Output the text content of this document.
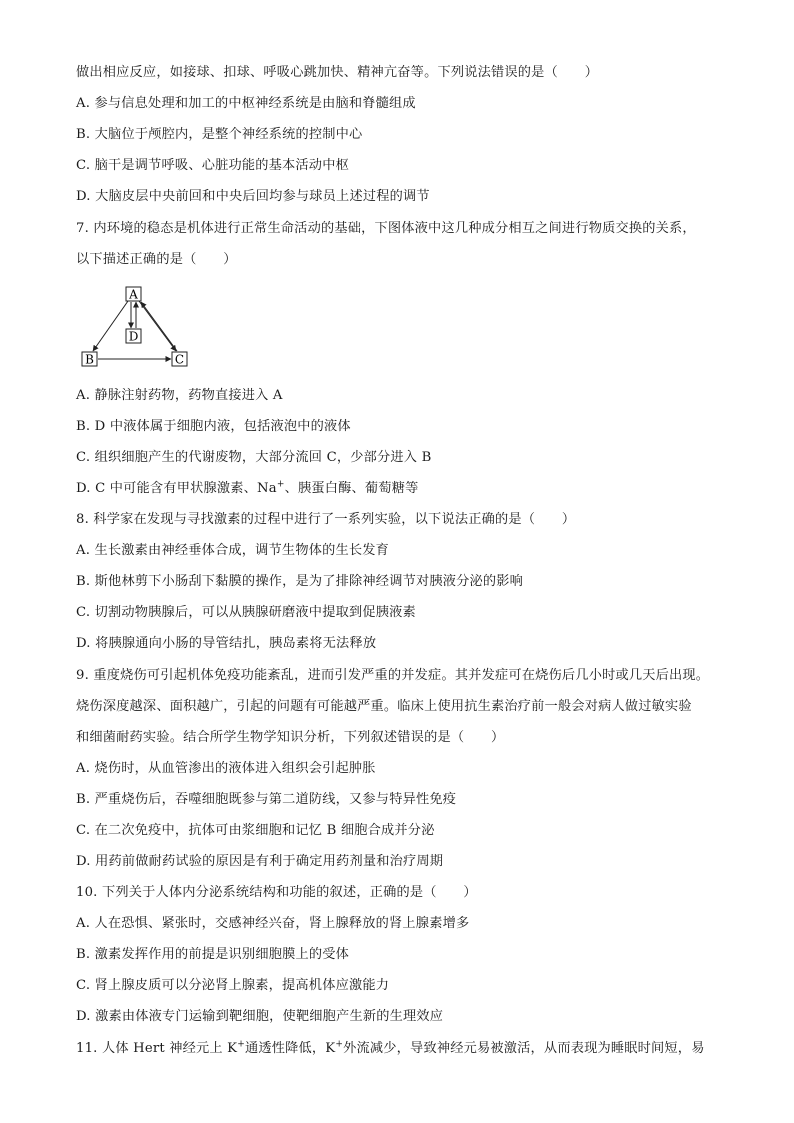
做出相应反应，如接球、扣球、呼吸心跳加快、精神亢奋等。下列说法错误的是（　　）
A. 参与信息处理和加工的中枢神经系统是由脑和脊髓组成
B. 大脑位于颅腔内，是整个神经系统的控制中心
C. 脑干是调节呼吸、心脏功能的基本活动中枢
D. 大脑皮层中央前回和中央后回均参与球员上述过程的调节
7. 内环境的稳态是机体进行正常生命活动的基础，下图体液中这几种成分相互之间进行物质交换的关系，
以下描述正确的是（　　）
A
D
B	C
A. 静脉注射药物，药物直接进入 A
B. D 中液体属于细胞内液，包括液泡中的液体
C. 组织细胞产生的代谢废物，大部分流回 C，少部分进入 B
D. C 中可能含有甲状腺激素、Na+、胰蛋白酶、葡萄糖等
8. 科学家在发现与寻找激素的过程中进行了一系列实验，以下说法正确的是（　　）
A. 生长激素由神经垂体合成，调节生物体的生长发育
B. 斯他林剪下小肠刮下黏膜的操作，是为了排除神经调节对胰液分泌的影响
C. 切割动物胰腺后，可以从胰腺研磨液中提取到促胰液素
D. 将胰腺通向小肠的导管结扎，胰岛素将无法释放
9. 重度烧伤可引起机体免疫功能紊乱，进而引发严重的并发症。其并发症可在烧伤后几小时或几天后出现。
烧伤深度越深、面积越广，引起的问题有可能越严重。临床上使用抗生素治疗前一般会对病人做过敏实验
和细菌耐药实验。结合所学生物学知识分析，下列叙述错误的是（　　）
A. 烧伤时，从血管渗出的液体进入组织会引起肿胀
B. 严重烧伤后，吞噬细胞既参与第二道防线，又参与特异性免疫
C. 在二次免疫中，抗体可由浆细胞和记忆 B 细胞合成并分泌
D. 用药前做耐药试验的原因是有利于确定用药剂量和治疗周期
10. 下列关于人体内分泌系统结构和功能的叙述，正确的是（　　）
A. 人在恐惧、紧张时，交感神经兴奋，肾上腺释放的肾上腺素增多
B. 激素发挥作用的前提是识别细胞膜上的受体
C. 肾上腺皮质可以分泌肾上腺素，提高机体应激能力
D. 激素由体液专门运输到靶细胞，使靶细胞产生新的生理效应
11. 人体 Hert 神经元上 K+通透性降低，K+外流减少，导致神经元易被激活，从而表现为睡眠时间短，易
